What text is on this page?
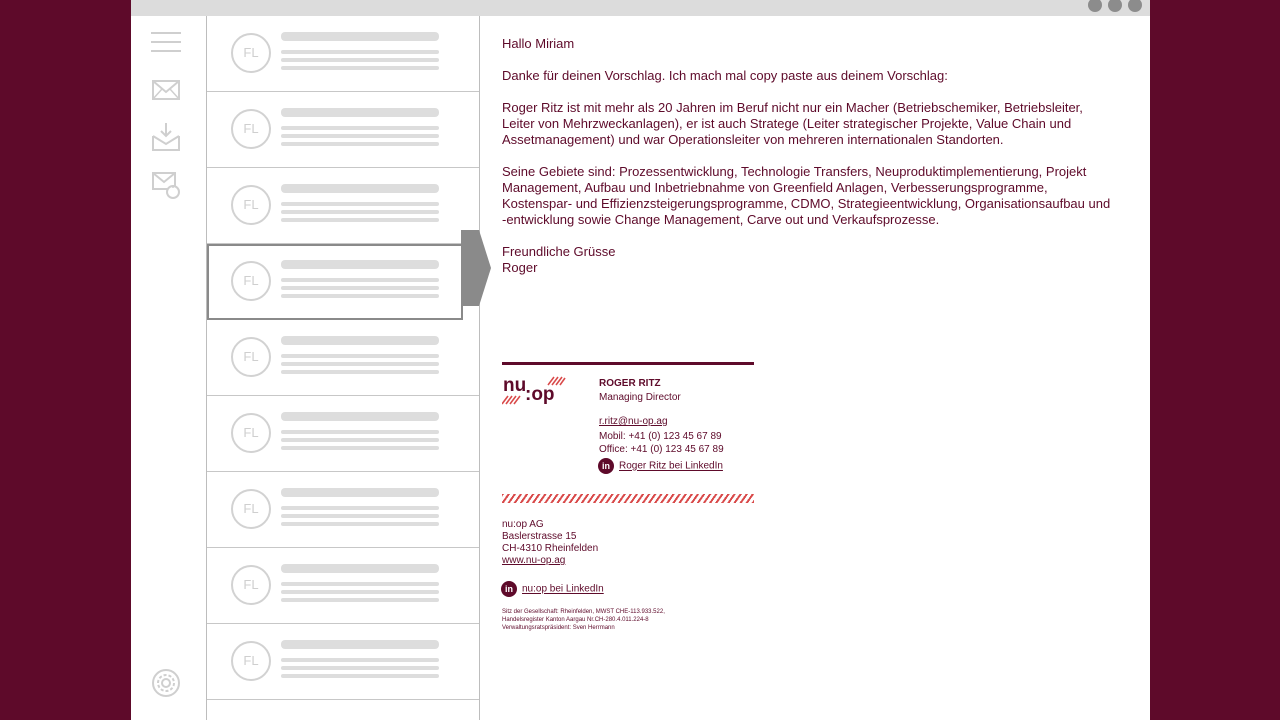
FL
FL
FL
FL
FL
FL
FL
FL
FL

Hallo Miriam

Danke für deinen Vorschlag. Ich mach mal copy paste aus deinem Vorschlag:

Roger Ritz ist mit mehr als 20 Jahren im Beruf nicht nur ein Macher (Betriebschemiker, Betriebsleiter, Leiter von Mehrzweckanlagen), er ist auch Stratege (Leiter strategischer Projekte, Value Chain und Assetmanagement) und war Operationsleiter von mehreren internationalen Standorten.

Seine Gebiete sind: Prozessentwicklung, Technologie Transfers, Neuproduktimplementierung, Projekt Management, Aufbau und Inbetriebnahme von Greenfield Anlagen, Verbesserungsprogramme, Kostenspar- und Effizienzsteigerungsprogramme, CDMO, Strategieentwicklung, Organisationsaufbau und -entwicklung sowie Change Management, Carve out und Verkaufsprozesse.

Freundliche Grüsse

Roger

nu
:op
ROGER RITZ
Managing Director
r.ritz@nu-op.ag
Mobil: +41 (0) 123 45 67 89
Office: +41 (0) 123 45 67 89
in Roger Ritz bei LinkedIn
nu:op AG
Baslerstrasse 15
CH-4310 Rheinfelden
www.nu-op.ag
in nu:op bei LinkedIn
Sitz der Gesellschaft: Rheinfelden, MWST CHE-113.933.522,
Handelsregister Kanton Aargau Nr.CH-280.4.011.224-8
Verwaltungsratspräsident: Sven Herrmann
